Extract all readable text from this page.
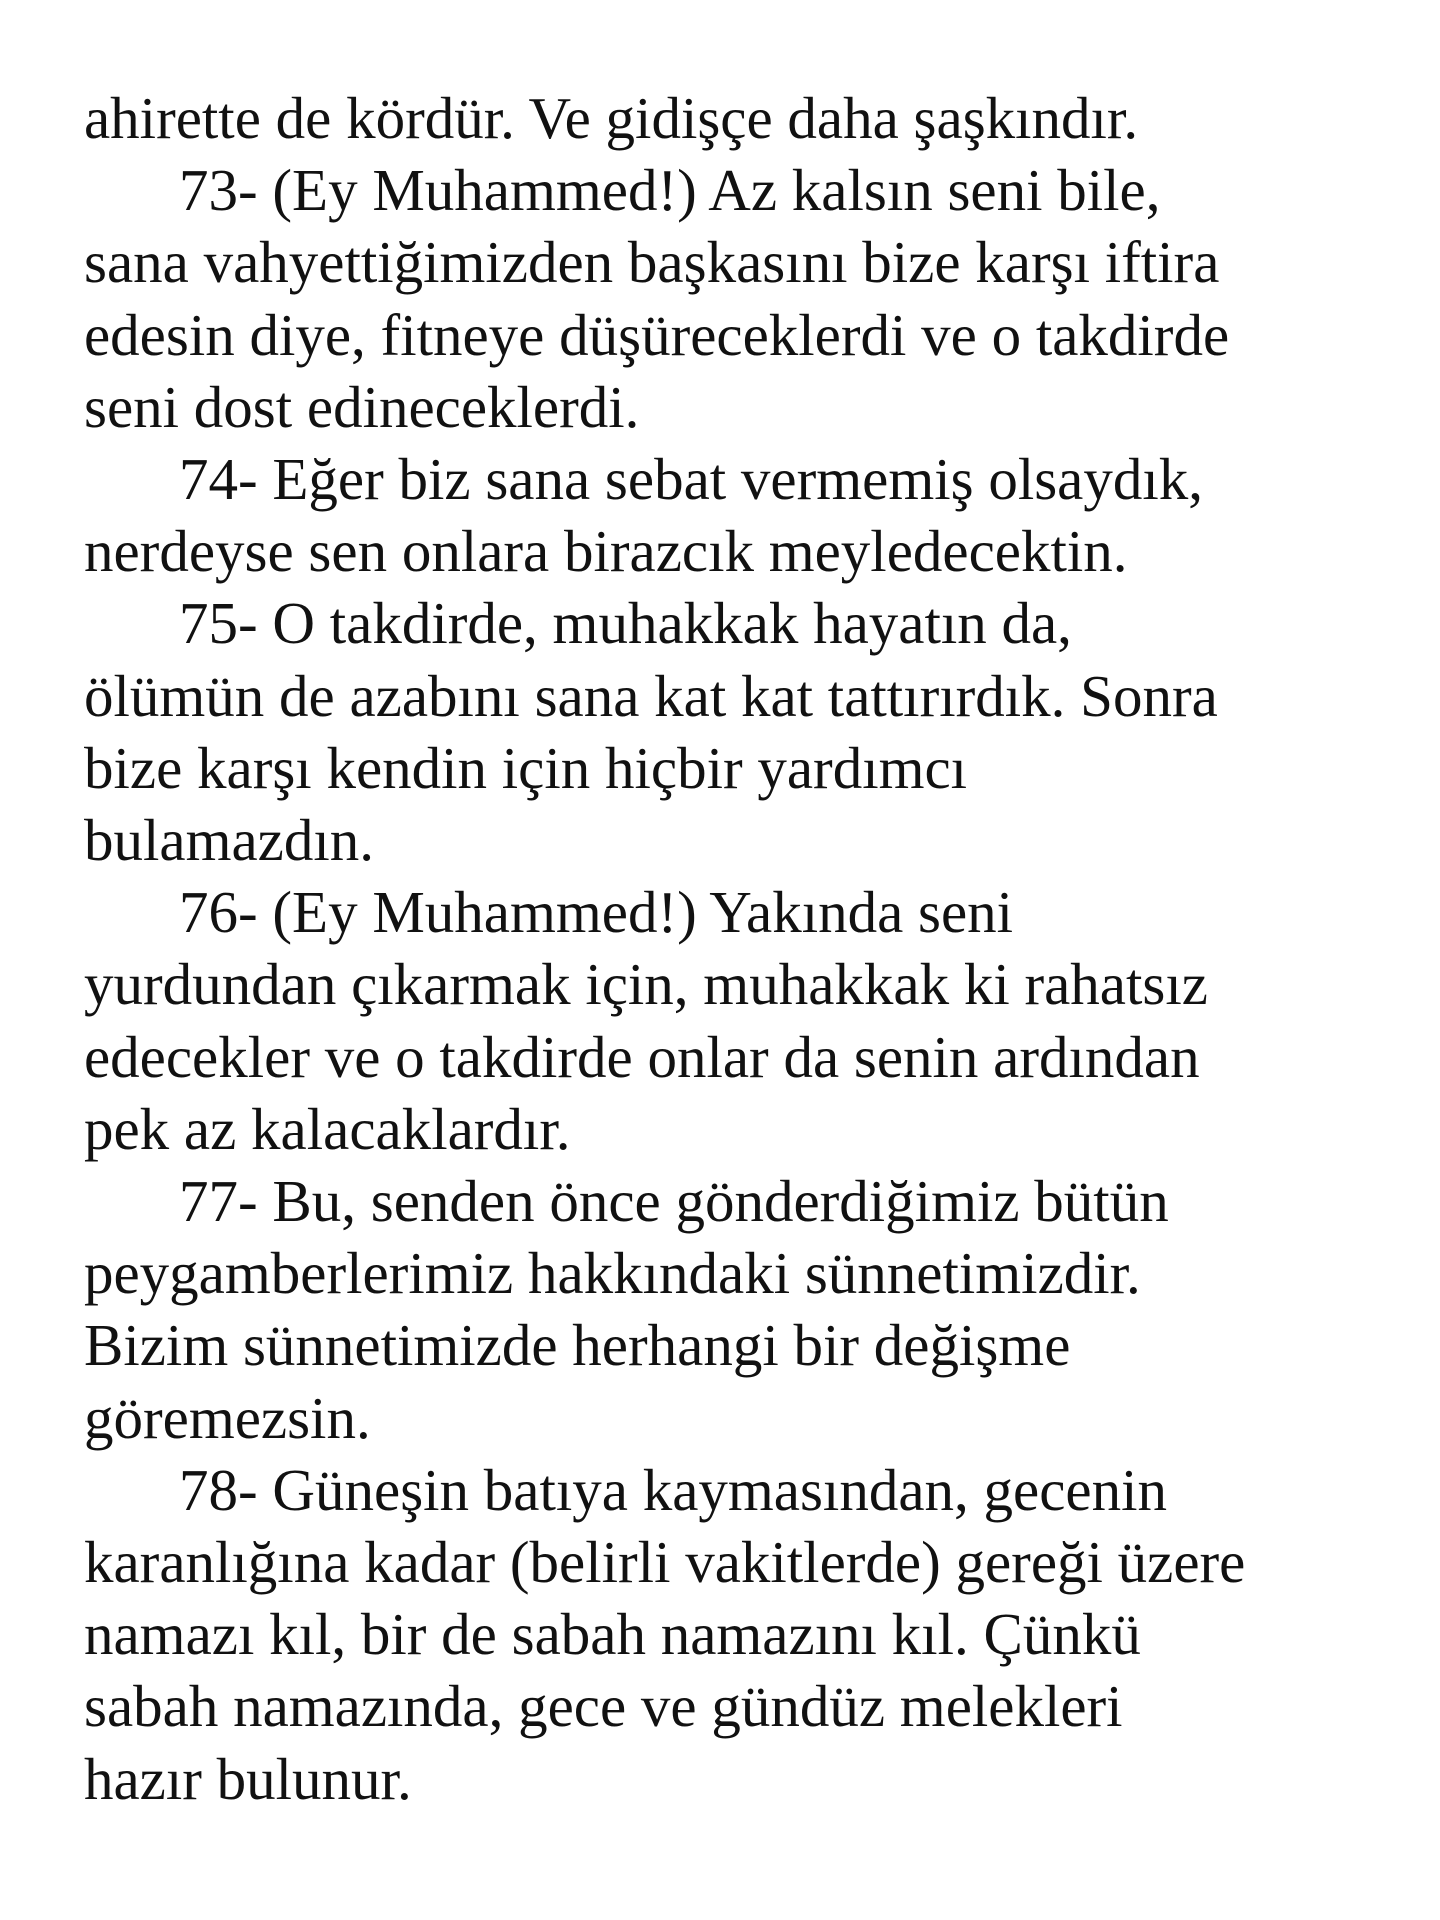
ahirette de kördür. Ve gidişçe daha şaşkındır.
73- (Ey Muhammed!) Az kalsın seni bile,
sana vahyettiğimizden başkasını bize karşı iftira
edesin diye, fitneye düşüreceklerdi ve o takdirde
seni dost edineceklerdi.
74- Eğer biz sana sebat vermemiş olsaydık,
nerdeyse sen onlara birazcık meyledecektin.
75- O takdirde, muhakkak hayatın da,
ölümün de azabını sana kat kat tattırırdık. Sonra
bize karşı kendin için hiçbir yardımcı
bulamazdın.
76- (Ey Muhammed!) Yakında seni
yurdundan çıkarmak için, muhakkak ki rahatsız
edecekler ve o takdirde onlar da senin ardından
pek az kalacaklardır.
77- Bu, senden önce gönderdiğimiz bütün
peygamberlerimiz hakkındaki sünnetimizdir.
Bizim sünnetimizde herhangi bir değişme
göremezsin.
78- Güneşin batıya kaymasından, gecenin
karanlığına kadar (belirli vakitlerde) gereği üzere
namazı kıl, bir de sabah namazını kıl. Çünkü
sabah namazında, gece ve gündüz melekleri
hazır bulunur.
